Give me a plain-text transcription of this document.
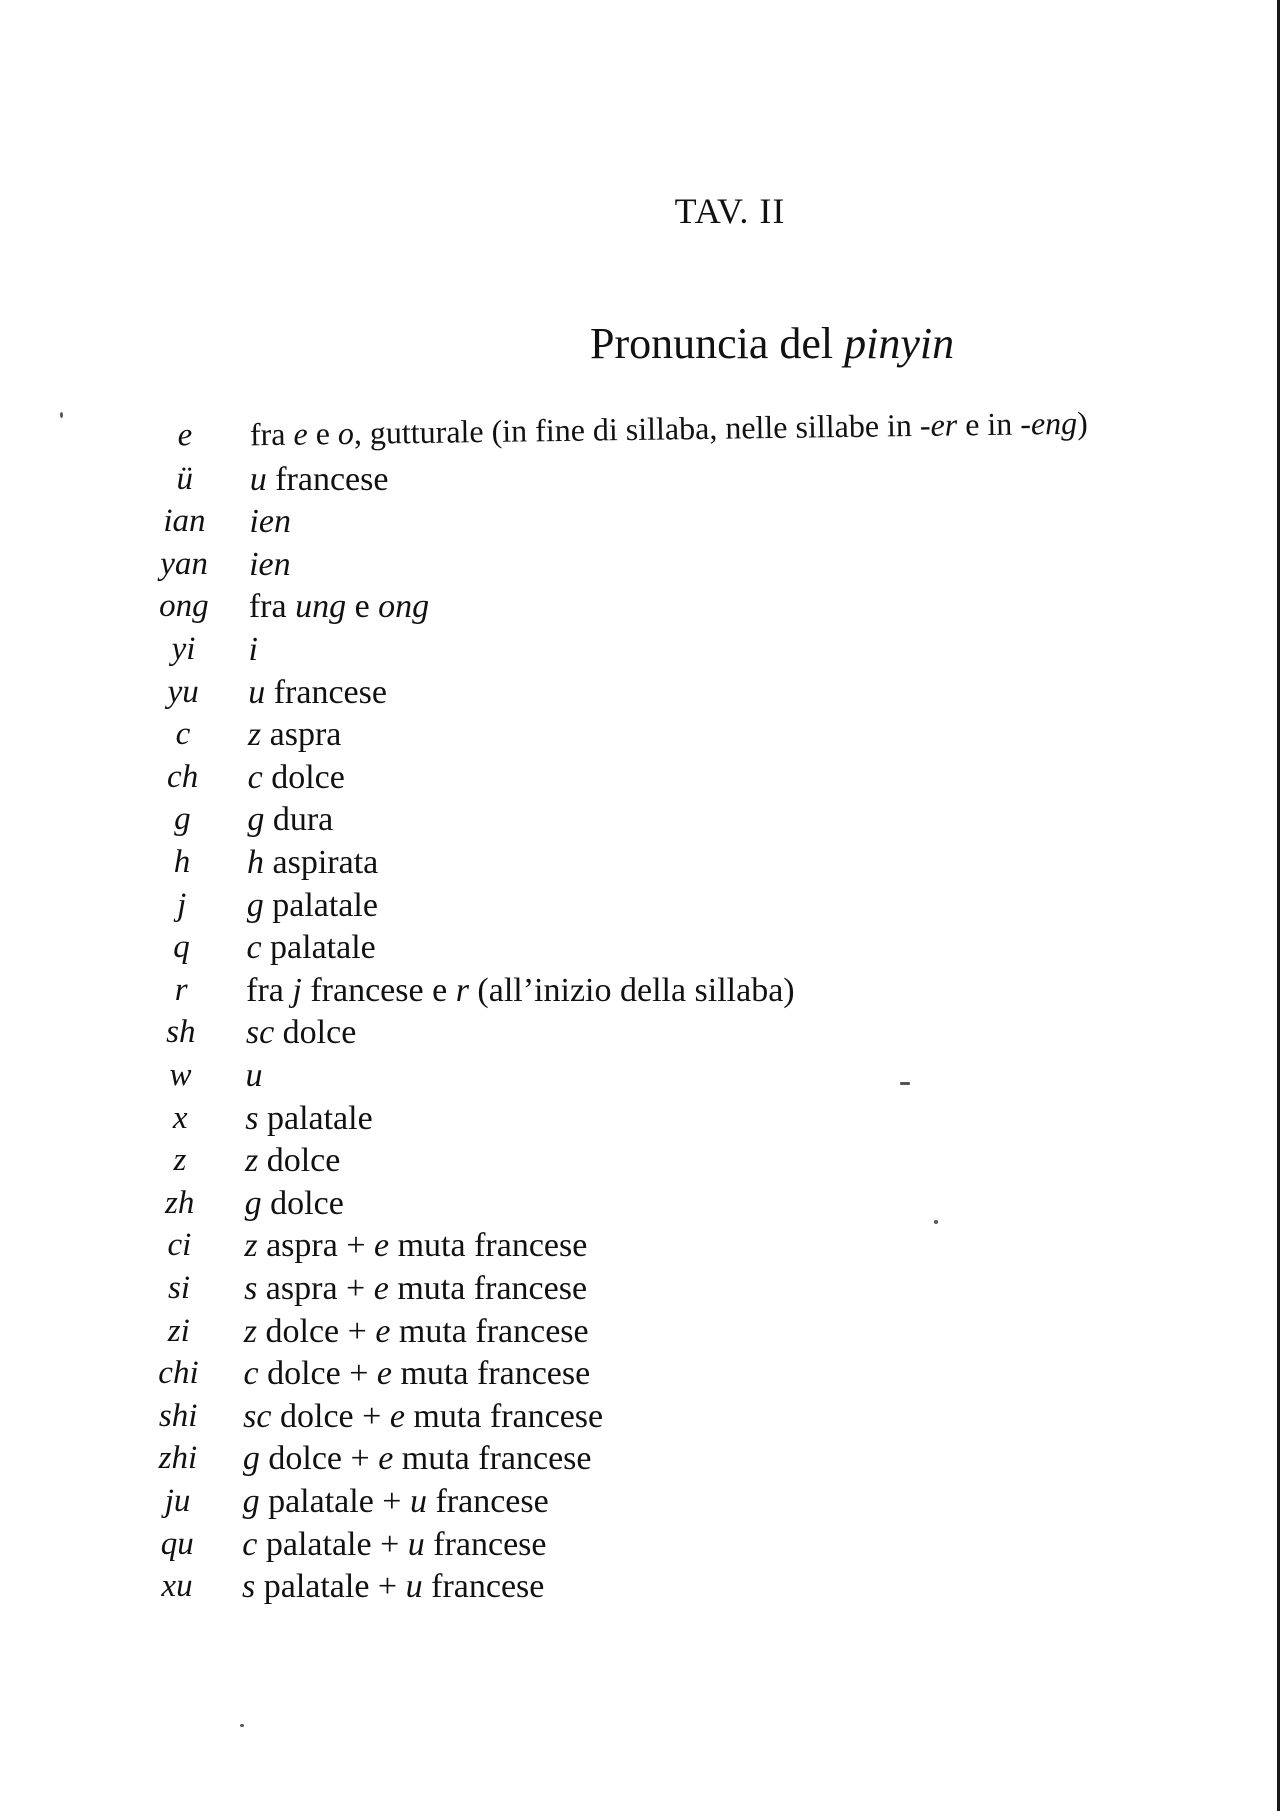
TAV. II
Pronuncia del pinyin
e	fra e e o, gutturale (in fine di sillaba, nelle sillabe in -er e in -eng)
ü	u francese
ian	ien
yan	ien
ong	fra ung e ong
yi	i
yu	u francese
c	z aspra
ch	c dolce
g	g dura
h	h aspirata
j	g palatale
q	c palatale
r	fra j francese e r (all’inizio della sillaba)
sh	sc dolce
w	u
x	s palatale
z	z dolce
zh	g dolce
ci	z aspra + e muta francese
si	s aspra + e muta francese
zi	z dolce + e muta francese
chi	c dolce + e muta francese
shi	sc dolce + e muta francese
zhi	g dolce + e muta francese
ju	g palatale + u francese
qu	c palatale + u francese
xu	s palatale + u francese
